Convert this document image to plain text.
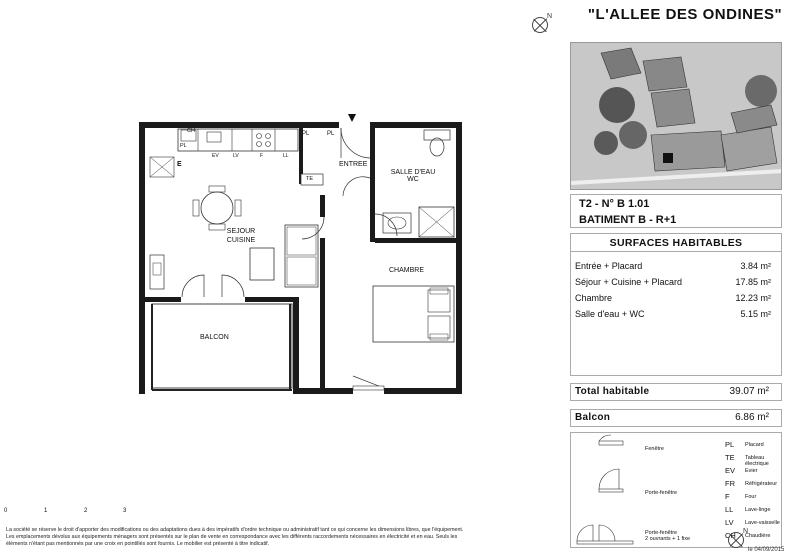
ENTREE
SALLE D'EAU
WC
SEJOUR
CUISINE
CHAMBRE
BALCON
CH
PL
PL
TE
PL
E
EV	LV	F	LL
0	1	2	3
N	"L'ALLEE DES ONDINES"
T2 - N° B 1.01
BATIMENT B - R+1
SURFACES HABITABLES
Entrée + Placard	3.84 m²
Séjour + Cuisine + Placard	17.85 m²
Chambre	12.23 m²
Salle d'eau + WC	5.15 m²
Total habitable	39.07 m²
Balcon	6.86 m²
Fenêtre
Porte-fenêtre
Porte-fenêtre
2 ouvrants + 1 fixe
PL Placard
TE Tableau électrique
EV Evier
FR Réfrigérateur
F	Four
LL Lave-linge
LV Lave-vaisselle
CH Chaudière
N
La société se réserve le droit d'apporter des modifications ou des adaptations dues à des impératifs d'ordre technique ou administratif tant ce qui concerne les dimensions libres, que l'équipement.
Les emplacements dévolus aux équipements ménagers sont présentés sur le plan de vente en correspondance avec les différents raccordements nécessaires en électricité et en eau. Seuls les
éléments n'étant pas mentionnés par une croix en pointillés sont fournis. Le mobilier est présenté à titre indicatif.
le 04/09/2015
